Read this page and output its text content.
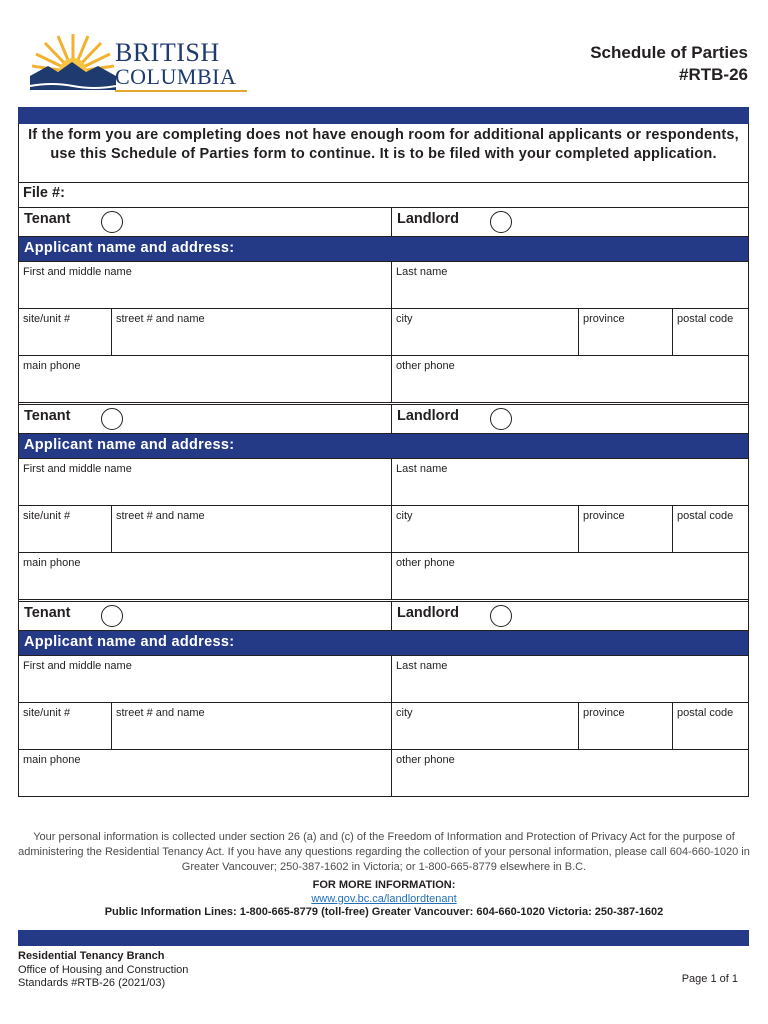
BRITISH
COLUMBIA
Schedule of Parties
#RTB-26
If the form you are completing does not have enough room for additional applicants or respondents, use this Schedule of Parties form to continue. It is to be filed with your completed application.
File #:
Tenant	Landlord
Applicant name and address:
First and middle name	Last name
site/unit #	street # and name	city	province	postal code
main phone	other phone
Tenant	Landlord
Applicant name and address:
First and middle name	Last name
site/unit #	street # and name	city	province	postal code
main phone	other phone
Tenant	Landlord
Applicant name and address:
First and middle name	Last name
site/unit #	street # and name	city	province	postal code
main phone	other phone
Your personal information is collected under section 26 (a) and (c) of the Freedom of Information and Protection of Privacy Act for the purpose of administering the Residential Tenancy Act. If you have any questions regarding the collection of your personal information, please call 604-660-1020 in Greater Vancouver; 250-387-1602 in Victoria; or 1-800-665-8779 elsewhere in B.C.
FOR MORE INFORMATION:
www.gov.bc.ca/landlordtenant
Public Information Lines: 1-800-665-8779 (toll-free) Greater Vancouver: 604-660-1020 Victoria: 250-387-1602
Residential Tenancy Branch
Office of Housing and Construction
Standards #RTB-26 (2021/03)	Page 1 of 1
